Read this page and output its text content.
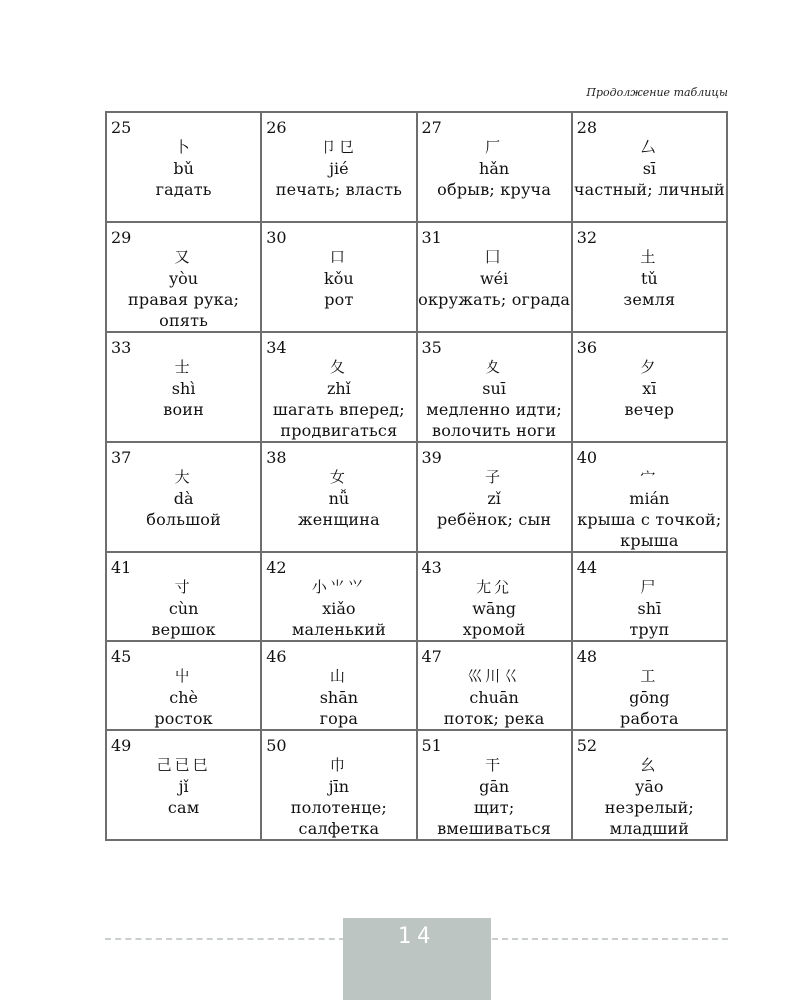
Продолжение таблицы
25
卜
bǔ
гадать	26
卩㔾
jié
печать; власть	27
厂
hǎn
обрыв; круча	28
厶
sī
частный; личный

29
又
yòu
правая рука; опять	30
口
kǒu
рот	31
囗
wéi
окружать; ограда	32
土
tǔ
земля

33
士
shì
воин	34
夂
zhǐ
шагать вперед; продвигаться	35
夊
suī
медленно идти; волочить ноги	36
夕
xī
вечер

37
大
dà
большой	38
女
nǚ
женщина	39
子
zǐ
ребёнок; сын	40
宀
mián
крыша с точкой; крыша

41
寸
cùn
вершок	42
小⺌⺍
xiǎo
маленький	43
尢尣
wāng
хромой	44
尸
shī
труп

45
屮
chè
росток	46
山
shān
гора	47
巛川巜
chuān
поток; река	48
工
gōng
работа

49
己已巳
jǐ
сам	50
巾
jīn
полотенце; салфетка	51
干
gān
щит; вмешиваться	52
幺
yāo
незрелый; младший
14
